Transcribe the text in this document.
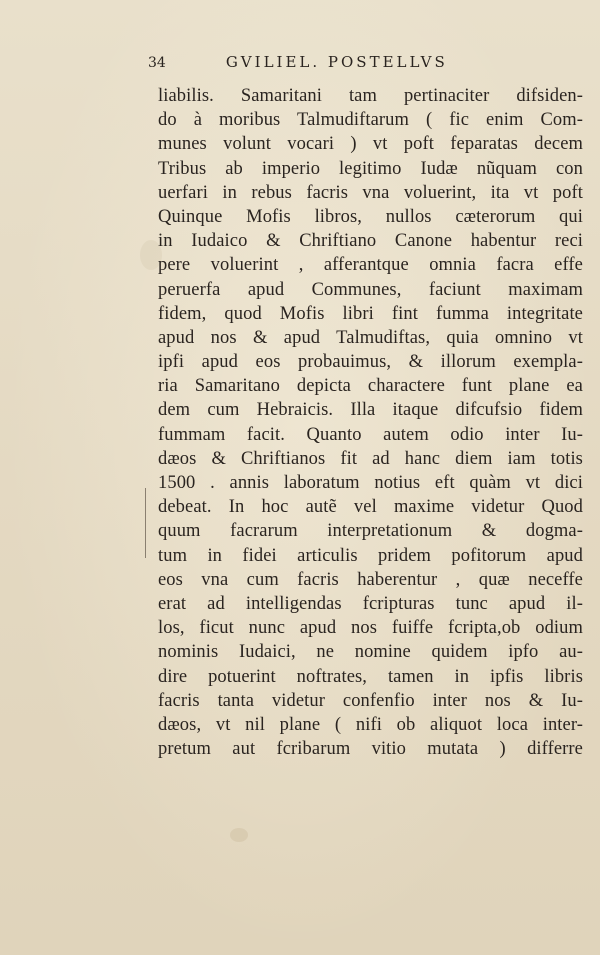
34	GVILIEL. POSTELLVS
liabilis. Samaritani tam pertinaciter difsiden-
do à moribus Talmudiftarum ( fic enim Com-
munes volunt vocari ) vt poft feparatas decem
Tribus ab imperio legitimo Iudæ nũquam con
uerfari in rebus facris vna voluerint, ita vt poft
Quinque Mofis libros, nullos cæterorum qui
in Iudaico & Chriftiano Canone habentur reci
pere voluerint , afferantque omnia facra effe
peruerfa apud Communes, faciunt maximam
fidem, quod Mofis libri fint fumma integritate
apud nos & apud Talmudiftas, quia omnino vt
ipfi apud eos probauimus, & illorum exempla-
ria Samaritano depicta charactere funt plane ea
dem cum Hebraicis. Illa itaque difcufsio fidem
fummam facit. Quanto autem odio inter Iu-
dæos & Chriftianos fit ad hanc diem iam totis
1500 . annis laboratum notius eft quàm vt dici
debeat. In hoc autẽ vel maxime videtur Quod
quum facrarum interpretationum & dogma-
tum in fidei articulis pridem pofitorum apud
eos vna cum facris haberentur , quæ neceffe
erat ad intelligendas fcripturas tunc apud il-
los, ficut nunc apud nos fuiffe fcripta,ob odium
nominis Iudaici, ne nomine quidem ipfo au-
dire potuerint noftrates, tamen in ipfis libris
facris tanta videtur confenfio inter nos & Iu-
dæos, vt nil plane ( nifi ob aliquot loca inter-
pretum aut fcribarum vitio mutata ) differre
